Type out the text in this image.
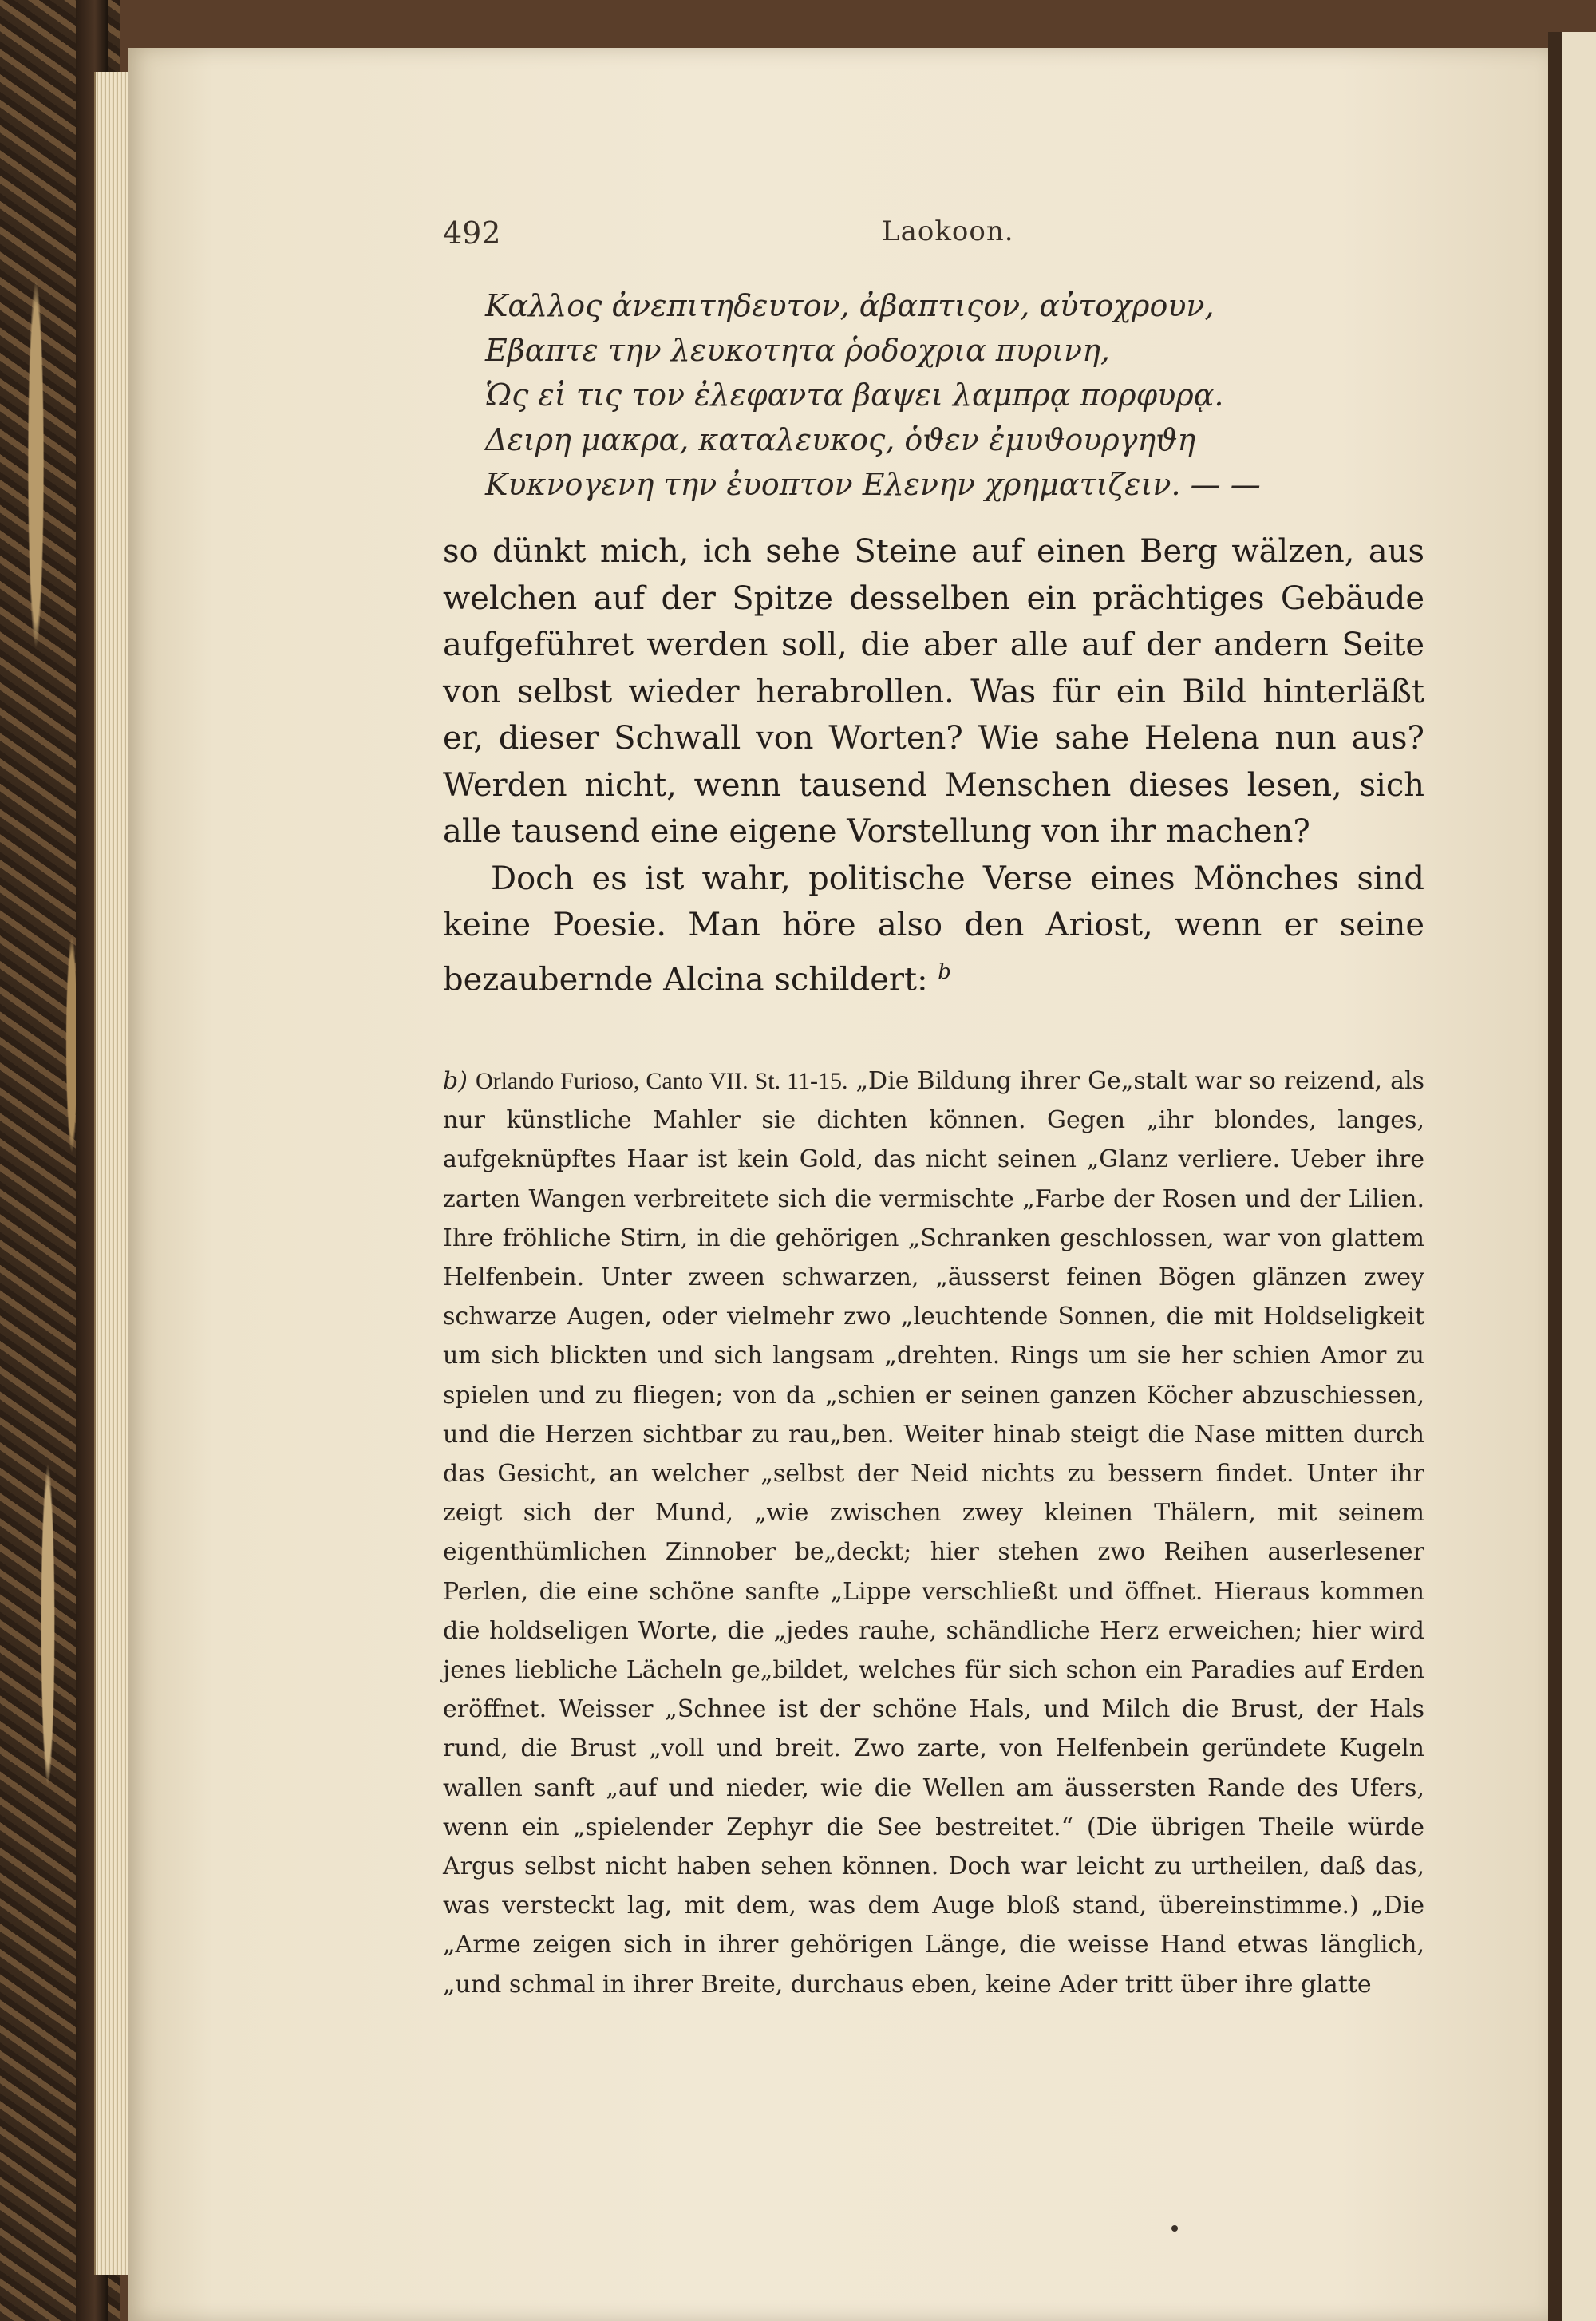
492	Laokoon.
Καλλος ἀνεπιτηδευτον, ἀβαπτιςον, αὐτοχρουν,
Εβαπτε την λευκοτητα ῥοδοχρια πυρινη,
Ὡς εἰ τις τον ἐλεφαντα βαψει λαμπρᾳ πορφυρᾳ.
Δειρη μακρα, καταλευκος, ὁϑεν ἐμυϑουργηϑη
Κυκνογενη την ἐυοπτον Ελενην χρηματιζειν. — —

so dünkt mich, ich sehe Steine auf einen Berg wälzen, aus welchen auf der Spitze desselben ein prächtiges Gebäude aufgeführet werden soll, die aber alle auf der andern Seite von selbst wieder herabrollen. Was für ein Bild hinterläßt er, dieser Schwall von Worten? Wie sahe Helena nun aus? Werden nicht, wenn tausend Menschen dieses lesen, sich alle tausend eine eigene Vorstellung von ihr machen?

Doch es ist wahr, politische Verse eines Mönches sind keine Poesie. Man höre also den Ariost, wenn er seine bezaubernde Alcina schildert: $^b$

b) Orlando Furioso, Canto VII. St. 11-15. „Die Bildung ihrer Ge„stalt war so reizend, als nur künstliche Mahler sie dichten können. Gegen „ihr blondes, langes, aufgeknüpftes Haar ist kein Gold, das nicht seinen „Glanz verliere. Ueber ihre zarten Wangen verbreitete sich die vermischte „Farbe der Rosen und der Lilien. Ihre fröhliche Stirn, in die gehörigen „Schranken geschlossen, war von glattem Helfenbein. Unter zween schwarzen, „äusserst feinen Bögen glänzen zwey schwarze Augen, oder vielmehr zwo „leuchtende Sonnen, die mit Holdseligkeit um sich blickten und sich langsam „drehten. Rings um sie her schien Amor zu spielen und zu fliegen; von da „schien er seinen ganzen Köcher abzuschiessen, und die Herzen sichtbar zu rau„ben. Weiter hinab steigt die Nase mitten durch das Gesicht, an welcher „selbst der Neid nichts zu bessern findet. Unter ihr zeigt sich der Mund, „wie zwischen zwey kleinen Thälern, mit seinem eigenthümlichen Zinnober be„deckt; hier stehen zwo Reihen auserlesener Perlen, die eine schöne sanfte „Lippe verschließt und öffnet. Hieraus kommen die holdseligen Worte, die „jedes rauhe, schändliche Herz erweichen; hier wird jenes liebliche Lächeln ge„bildet, welches für sich schon ein Paradies auf Erden eröffnet. Weisser „Schnee ist der schöne Hals, und Milch die Brust, der Hals rund, die Brust „voll und breit. Zwo zarte, von Helfenbein geründete Kugeln wallen sanft „auf und nieder, wie die Wellen am äussersten Rande des Ufers, wenn ein „spielender Zephyr die See bestreitet.“ (Die übrigen Theile würde Argus selbst nicht haben sehen können. Doch war leicht zu urtheilen, daß das, was versteckt lag, mit dem, was dem Auge bloß stand, übereinstimme.) „Die „Arme zeigen sich in ihrer gehörigen Länge, die weisse Hand etwas länglich, „und schmal in ihrer Breite, durchaus eben, keine Ader tritt über ihre glatte
